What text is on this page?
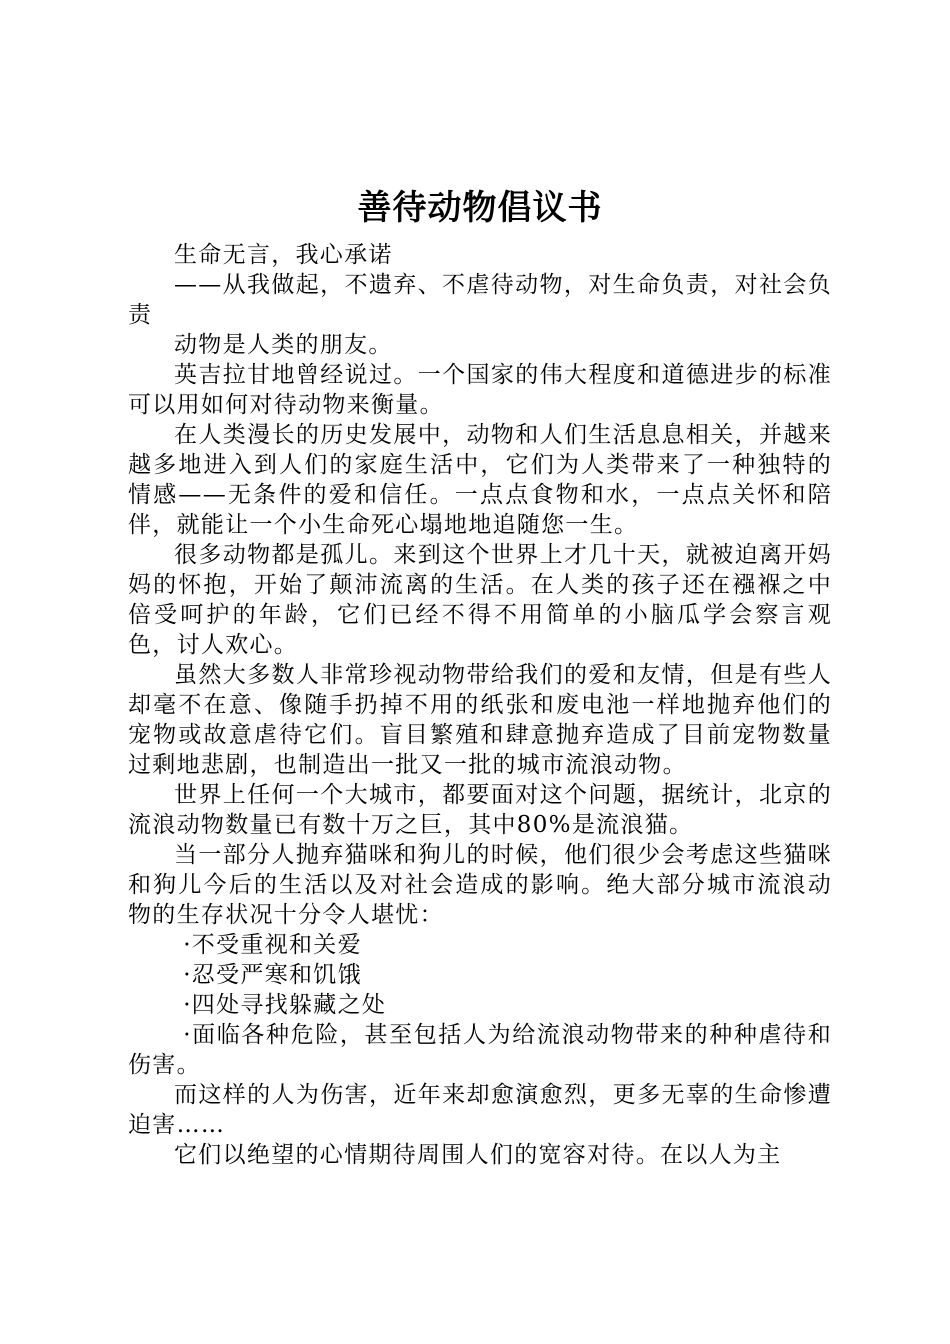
善待动物倡议书

生命无言，我心承诺

——从我做起，不遗弃、不虐待动物，对生命负责，对社会负责

动物是人类的朋友。

英吉拉甘地曾经说过。一个国家的伟大程度和道德进步的标准可以用如何对待动物来衡量。

在人类漫长的历史发展中，动物和人们生活息息相关，并越来越多地进入到人们的家庭生活中，它们为人类带来了一种独特的情感——无条件的爱和信任。一点点食物和水，一点点关怀和陪伴，就能让一个小生命死心塌地地追随您一生。

很多动物都是孤儿。来到这个世界上才几十天，就被迫离开妈妈的怀抱，开始了颠沛流离的生活。在人类的孩子还在襁褓之中倍受呵护的年龄，它们已经不得不用简单的小脑瓜学会察言观色，讨人欢心。

虽然大多数人非常珍视动物带给我们的爱和友情，但是有些人却毫不在意、像随手扔掉不用的纸张和废电池一样地抛弃他们的宠物或故意虐待它们。盲目繁殖和肆意抛弃造成了目前宠物数量过剩地悲剧，也制造出一批又一批的城市流浪动物。

世界上任何一个大城市，都要面对这个问题，据统计，北京的流浪动物数量已有数十万之巨，其中80%是流浪猫。

当一部分人抛弃猫咪和狗儿的时候，他们很少会考虑这些猫咪和狗儿今后的生活以及对社会造成的影响。绝大部分城市流浪动物的生存状况十分令人堪忧：

·不受重视和关爱

·忍受严寒和饥饿

·四处寻找躲藏之处

·面临各种危险，甚至包括人为给流浪动物带来的种种虐待和伤害。

而这样的人为伤害，近年来却愈演愈烈，更多无辜的生命惨遭迫害……

它们以绝望的心情期待周围人们的宽容对待。在以人为主
